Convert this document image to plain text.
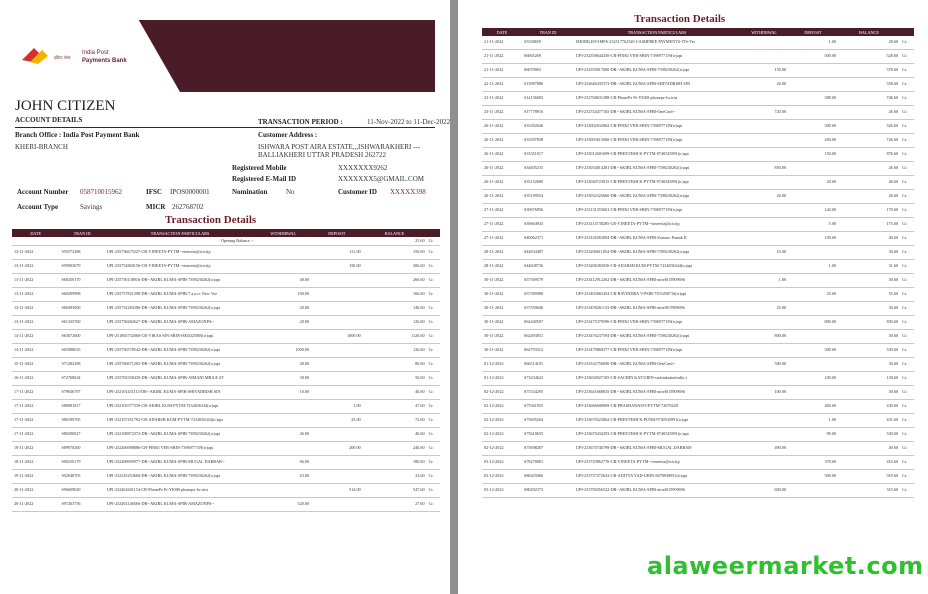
इंडिया पोस्ट
India Post
Payments Bank
JOHN CITIZEN
ACCOUNT DETAILS	TRANSACTION PERIOD :	11-Nov-2022 to 11-Dec-2022
Branch Office : India Post Payment Bank
KHERI-BRANCH
Customer Address :
ISHWARA POST AIRA ESTATE,,,ISHWARAKHERI ---
BALLIAKHERI UTTAR PRADESH 262722
Registered Mobile	XXXXXXX9262
Registered E-Mail ID	XXXXXXX5@GMAIL.COM
Account Number 058710015962	IFSC IPOS0000001	Nomination	No	Customer ID XXXXX398
Account Type	Savings	MICR 262768702
Transaction Details
DATE	TRAN ID	TRANSACTION PARTICULARS	WITHDRWAL	DEPOSIT	BALANCE	
		Opening Balance :-			25.60	Cr.
13-11-2022	S55572388	UPI-235736675227-CR-VINEETA-PYTM--vineeeta@icici(p		131.00	156.60	Cr.
13-11-2022	S59903679	UPI-235752860156-CR-VINEETA-PYTM--vineeeta@icici(p		150.00	306.60	Cr.
13-11-2022	S60250170	UPI-235756138016-DR--AKIBL KUMA-SPIB-7398230262(ic)api	40.00		266.60	Cr.
13-11-2022	S60299998	UPI-235757821398-DR--AKIBL KUMA-SPIB-7.a.a.cc New Vee	100.00		166.60	Cr.
13-11-2022	S60493000	UPI-235752283396-DR--AKIBL KUMA-SPIB-7398230262(ic)api	20.00		146.60	Cr.
13-11-2022	S61335760	UPI-235758482627-DR--AKIBL KUMA-SPIB-AMAZONPA--	20.00		126.60	Cr.
14-11-2022	S63672600	UPI-231865752060-CR-VIKAS SIN-SBIN-0004325000(ic)api		1000.00	1126.60	Cr.
14-11-2022	S65088035	UPI-235756578542-DR--AKIBL KUMA-SPIB-7398230262(ic)api	1000.00		126.60	Cr.
15-11-2022	S71282298	UPI-235766671265-DR--AKIBL KUMA-SPIB-7398230262(ic)api	40.00		86.60	Cr.
16-11-2022	S72768634	UPI-235765358439-DR--AKIBL KUMA-SPIB-AIMANI MRA.E ST	30.00		56.60	Cr.
17-11-2022	S79636707	UPI-232101431113-DR--AKIBL KUMA-SPIB-SHIVADRISH SIN	10.00		46.60	Cr.
17-11-2022	S80081817	UPI-232105577339-CR-AKIBL KUM-PYTM-7234836344(ic)api		1.00	47.60	Cr.
17-11-2022	S80199765	UPI-232107451792-CR-ADARSH KUM-PYTM-7234836344(ic)api		25.00	72.60	Cr.
17-11-2022	S80290027	UPI-232109872372-DR--AKIBL KUMA-SPIB-7398230262(ic)api	26.00		46.60	Cr.
18-11-2022	S89970260	UPI-232266988886-CR-PINKI VER-SBIN-7396977159(ic)api		200.00	246.60	Cr.
18-11-2022	S90250179	UPI-232269695977-DR--AKIBL KUMA-SPIB-MUGAL DARBAR--	66.00		180.60	Cr.
19-11-2022	S92048703	UPI-232325253660-DR--AKIBL KUMA-SPIB-7398230262(ic)api	63.00		33.60	Cr.
20-11-2022	S96609020	UPI-232461601154-CR-PhonePe Pr-YESB-phonepe-lw.irist		514.00	547.60	Cr.
20-11-2022	S97263756	UPI-232492146566-DR--AKIBL KUMA-SPIB-AMAZONPA--	520.00		27.60	Cr.
Transaction Details
DATE	TRAN ID	TRANSACTION PARTICULARS	WITHDRWAL	DEPOSIT	BALANCE	
21-11-2022	S5338659	IMOBILIST-IMPS-232517762320-CASHFREE PAYMENTS-ITS-Ver		1.00	28.60	Cr.
21-11-2022	S6065269	UPI-232558644330-CR-PINKI VER-SBIN-7396977159(ic)api		500.00	528.60	Cr.
21-11-2022	S6070963	UPI-232559017680-DR--AKIBL KUMA-SPIB-7398230262(ic)api	150.00		378.60	Cr.
22-11-2022	S13987886	UPI-232646435373-DR--AKIBL KUMA-SPIB-SHIVADRISH SIN	20.00		358.60	Cr.
23-11-2022	S14156683	UPI-232768631388-CR-PhonePe Pr-YESB-phonepe-lw.irist		388.00	746.60	Cr.
23-11-2022	S17778916	UPI-232744477165-DR--AKIBL KUMA-SPIB-OneCard--	720.00		26.60	Cr.
26-11-2022	S33392646	UPI-233002632062-CR-PINKI VER-SBIN-7396977159(ic)api		500.00	526.60	Cr.
26-11-2022	S33397838	UPI-233003615060-CR-PINKI VER-SBIN-7396977159(ic)api		200.00	726.60	Cr.
26-11-2022	S33351017	UPI-233012601699-CR-PREETESH K-PYTM-9740545891(ic)api		150.00	876.60	Cr.
26-11-2022	S34605235	UPI-233034014281-DR--AKIBL KUMA-SPIB-7398230262(ic)api	850.00		26.60	Cr.
26-11-2022	S35152680	UPI-233040723815-CR-PREETESH K-PYTM-9740545891(ic)api		20.00	46.60	Cr.
26-11-2022	S35199554	UPI-233032325660-DR--AKIBL KUMA-SPIB-7398230262(ic)api	20.00		26.60	Cr.
27-11-2022	S39676856	UPI-233131355601-CR-PINKI VER-SBIN-7396977159(ic)api		144.00	170.60	Cr.
27-11-2022	S39664943	UPI-233114738285-CR-VINEETA-PYTM--vineeeta@icici(p		5.00	175.60	Cr.
27-11-2022	S40062371	UPI-233126563094-DR--AKIBL KUMA-SPIB-Zomato Pamak II		100.00	40.60	Cr.
28-11-2022	S44634487	UPI-233206611054-DR--AKIBL KUMA-SPIB-7398230262(ic)api	10.00		30.60	Cr.
28-11-2022	S44638736	UPI-233206382036-CR-ADARSH KUM-PYTM-7234836344(ic)api		1.00	31.60	Cr.
30-11-2022	S57369579	UPI-233412912262-DR--AKIBL KUMA-SPIB-airtel015909696	1.00		30.60	Cr.
30-11-2022	S57395980	UPI-233403665454-CR-RAVINDRA V-PSIB-7355208716(ic)api		25.00	55.60	Cr.
30-11-2022	S57359646	UPI-233458261133-DR--AKIBL KUMA-SPIB-airtel015909696	25.00		30.60	Cr.
30-11-2022	S62440507	UPI-233475379596-CR-PINKI VER-SBIN-7396977159(ic)api		800.00	830.60	Cr.
30-11-2022	S62493831	UPI-233476237594-DR--AKIBL KUMA-SPIB-7398230262(ic)api	800.00		30.60	Cr.
30-11-2022	S62793312	UPI-233479868377-CR-PINKI VER-SBIN-7396977159(ic)api		500.00	530.60	Cr.
01-12-2022	S66514191	UPI-233532756690-DR--AKIBL KUMA-SPIB-OneCard--	500.00		30.60	Cr.
01-12-2022	S73234622	UPI-233656927105-CR-SACHIN KAT-UBIN-sachinkatiarfnd(ic)		100.00	130.60	Cr.
02-12-2022	S73334295	UPI-233641668635-DR--AKIBL KUMA-SPIB-airtel015909696	100.00		30.60	Cr.
02-12-2022	S75361935	UPI-233666698969-CR-PRASHAWASTI-PYTM-72679428		400.00	430.60	Cr.
02-12-2022	S75605264	UPI-233670223862-CR-PREETESH K-PUNB-9740545891(ic)api		1.00	431.60	Cr.
02-12-2022	S75610655	UPI-233670432293-CR-PREETESH K-PYTM-9740545891(ic)api		99.00	530.60	Cr.
02-12-2022	S75698287	UPI-233670746799-DR--AKIBL KUMA-SPIB-MUGAL DARBAR-	490.00		40.60	Cr.
03-12-2022	S78278081	UPI-233729862776-CR-VINEETA-PYTM--vineeeta@icici(p		370.00	410.60	Cr.
03-12-2022	S80425066	UPI-233757272623-CR-ADITYA YAD-UBIN-8478938991(ic)api		500.00	910.60	Cr.
03-12-2022	S80292373	UPI-233790356522-DR--AKIBL KUMA-SPIB-airtel015909696	600.00		310.60	Cr.
alaweermarket.com
